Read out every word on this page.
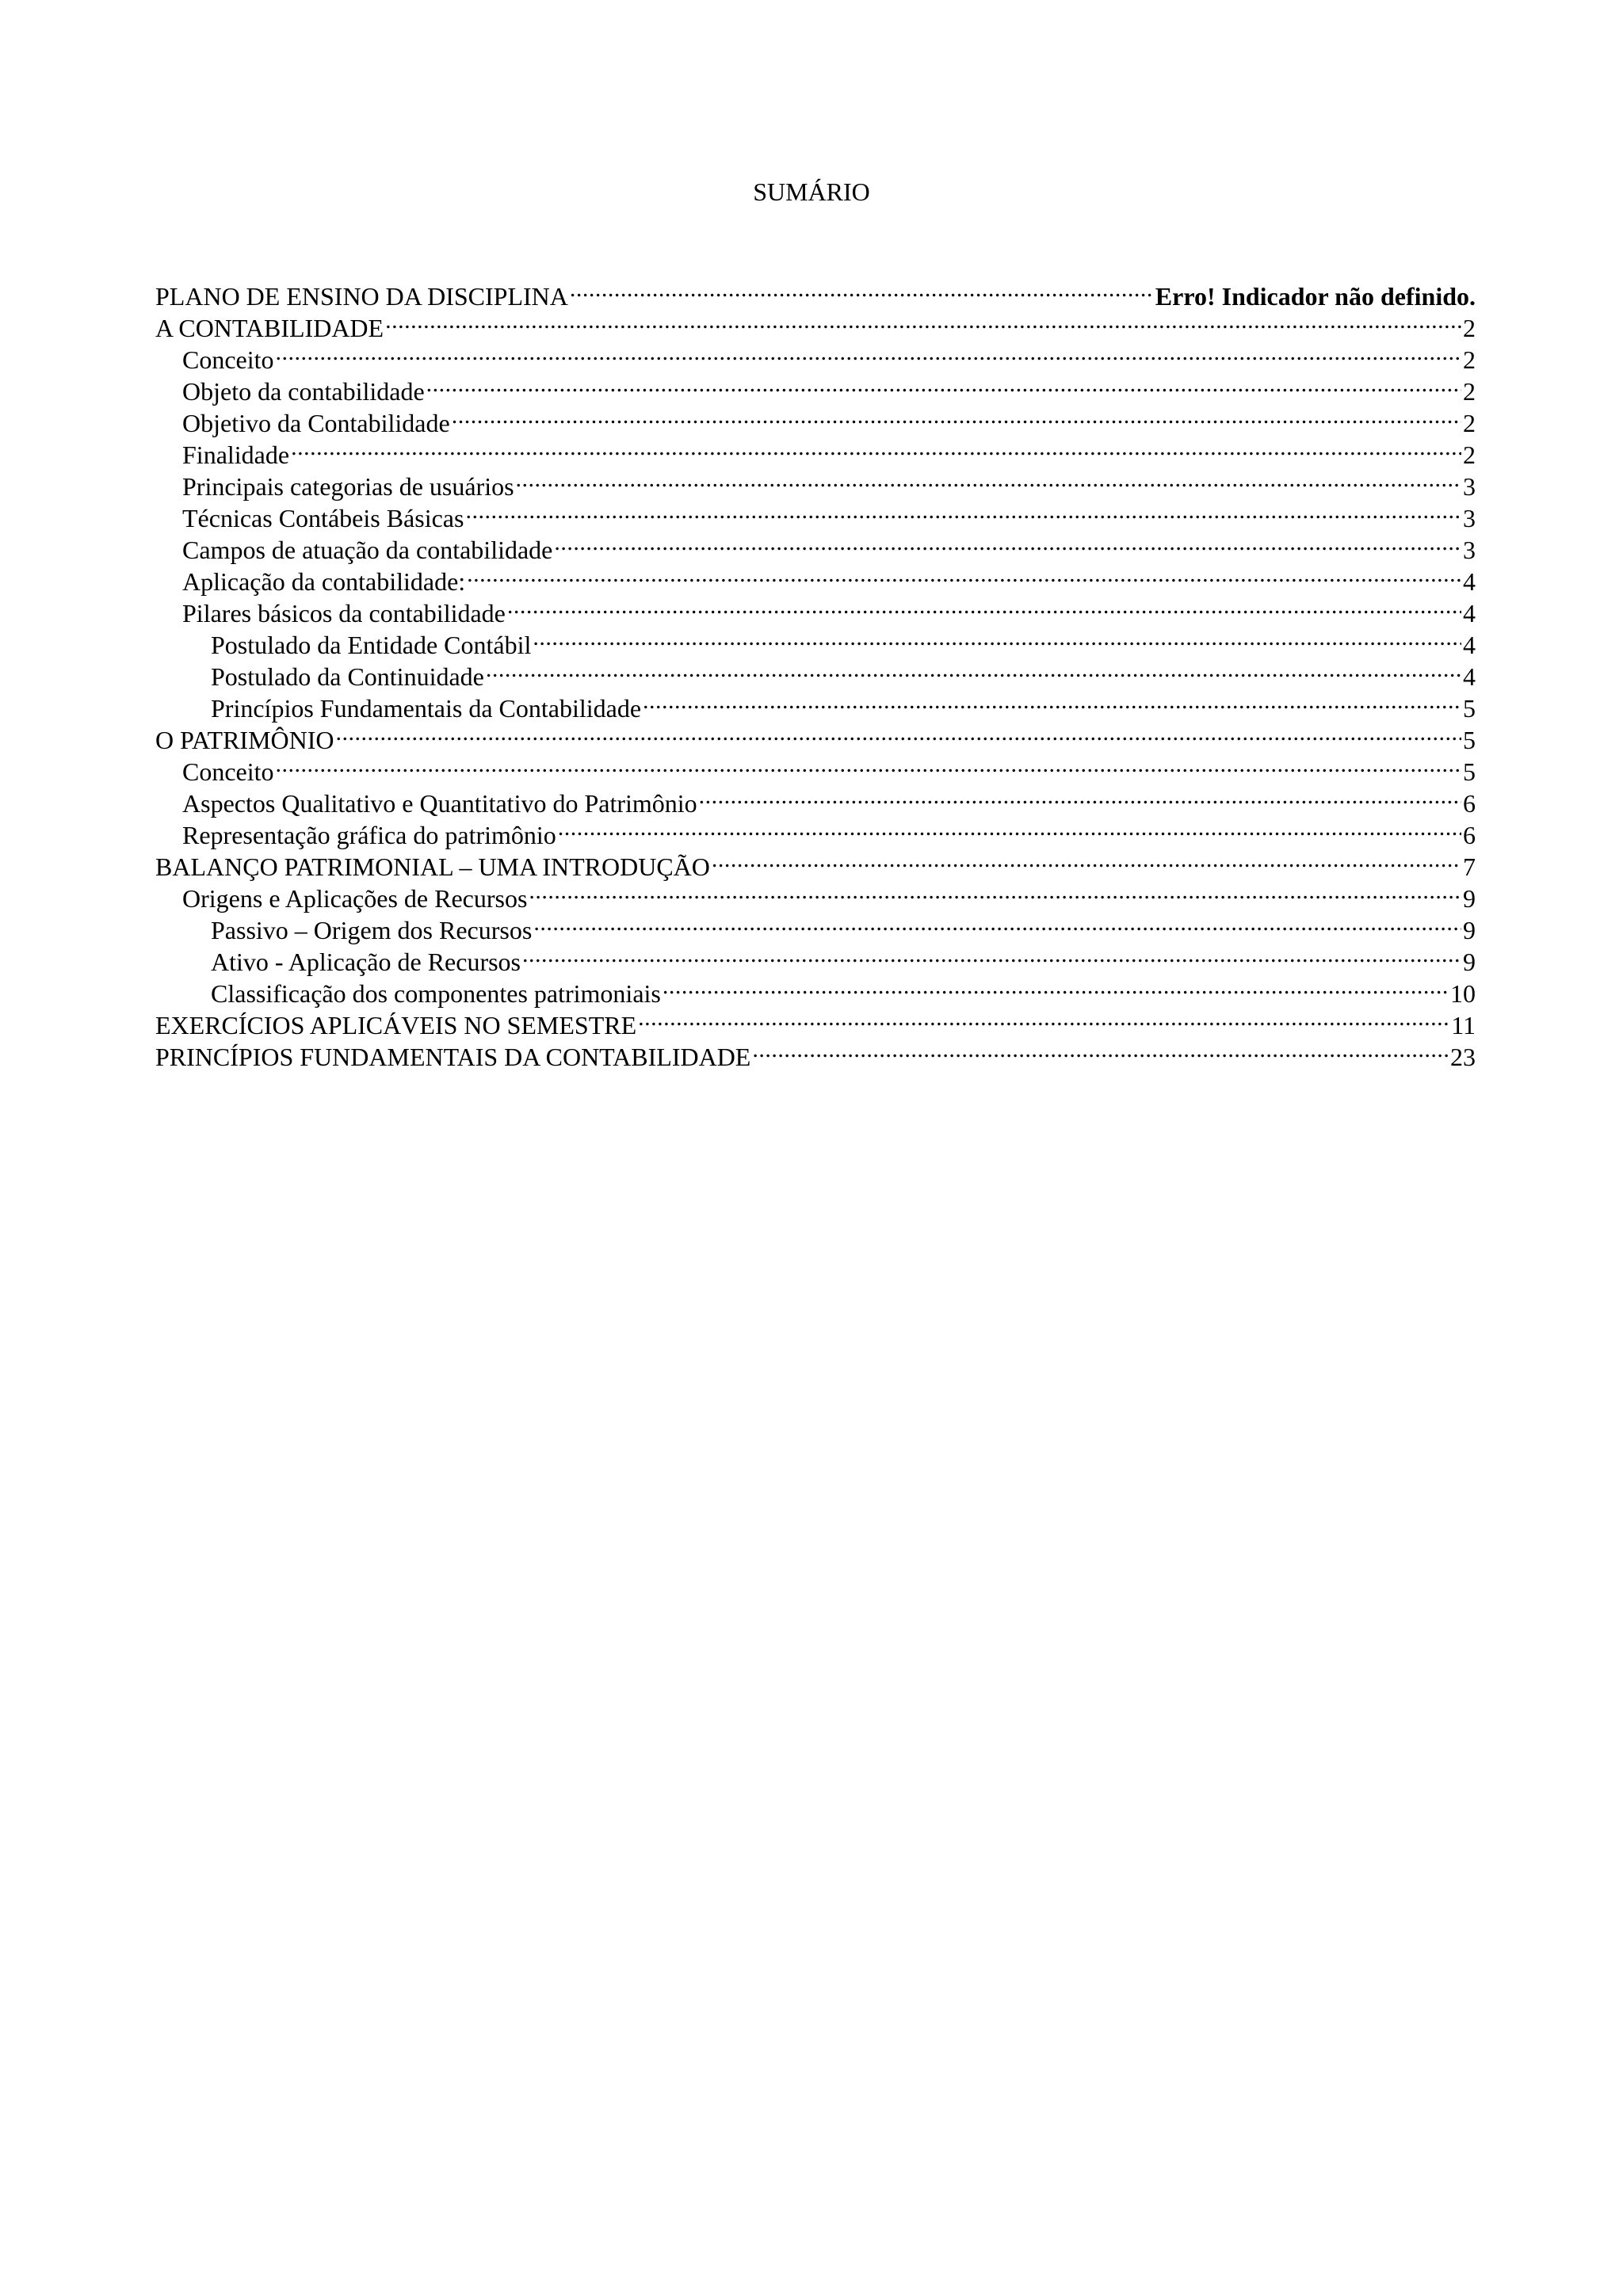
SUMÁRIO
PLANO DE ENSINO DA DISCIPLINA .....	Erro! Indicador não definido.
A CONTABILIDADE .....	2
Conceito .....	2
Objeto da contabilidade .....	2
Objetivo da Contabilidade .....	2
Finalidade .....	2
Principais categorias de usuários .....	3
Técnicas Contábeis Básicas .....	3
Campos de atuação da contabilidade .....	3
Aplicação da contabilidade: .....	4
Pilares básicos da contabilidade .....	4
Postulado da Entidade Contábil .....	4
Postulado da Continuidade .....	4
Princípios Fundamentais da Contabilidade .....	5
O PATRIMÔNIO .....	5
Conceito .....	5
Aspectos Qualitativo e Quantitativo do Patrimônio .....	6
Representação gráfica do patrimônio .....	6
BALANÇO PATRIMONIAL – UMA INTRODUÇÃO .....	7
Origens e Aplicações de Recursos .....	9
Passivo – Origem dos Recursos .....	9
Ativo - Aplicação de Recursos .....	9
Classificação dos componentes patrimoniais .....	10
EXERCÍCIOS APLICÁVEIS NO SEMESTRE .....	11
PRINCÍPIOS FUNDAMENTAIS DA CONTABILIDADE .....	23
